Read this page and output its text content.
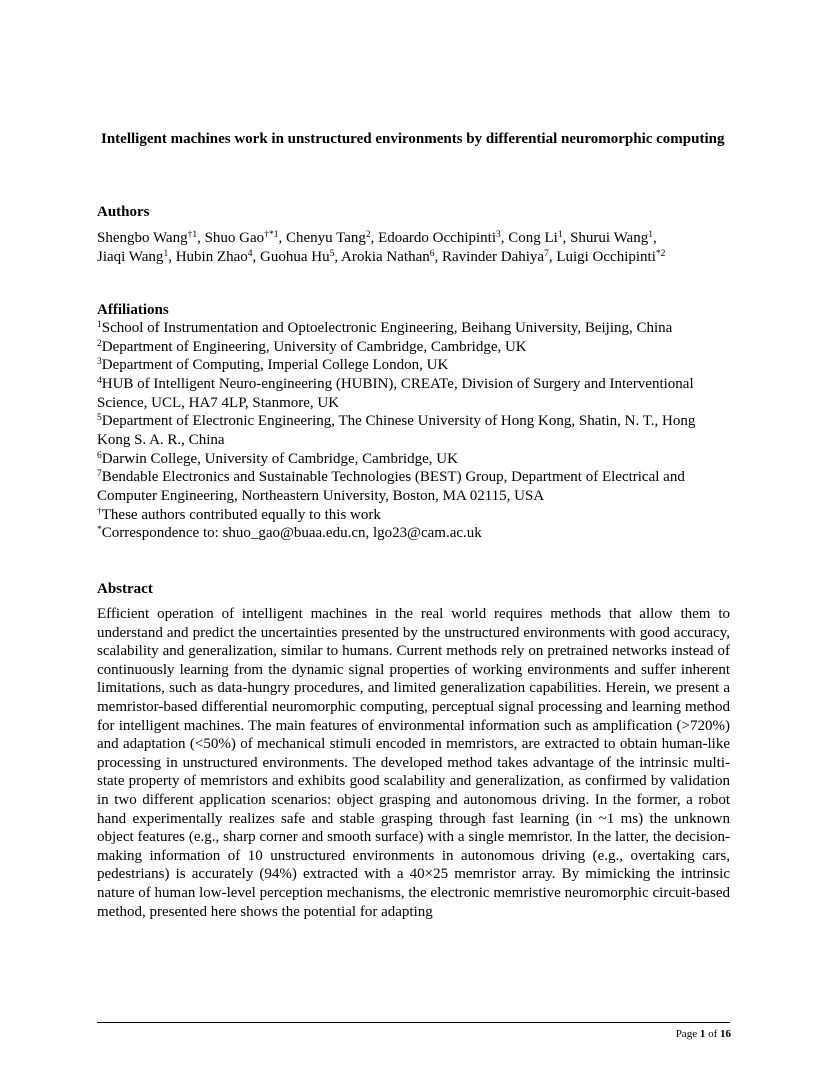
Intelligent machines work in unstructured environments by differential neuromorphic computing
Authors
Shengbo Wang$^{\dagger 1}$, Shuo Gao$^{\dagger*1}$, Chenyu Tang$^2$, Edoardo Occhipinti$^3$, Cong Li$^1$, Shurui Wang$^1$,
Jiaqi Wang$^1$, Hubin Zhao$^4$, Guohua Hu$^5$, Arokia Nathan$^6$, Ravinder Dahiya$^7$, Luigi Occhipinti$^{*2}$
Affiliations
$^1$School of Instrumentation and Optoelectronic Engineering, Beihang University, Beijing, China
$^2$Department of Engineering, University of Cambridge, Cambridge, UK
$^3$Department of Computing, Imperial College London, UK
$^4$HUB of Intelligent Neuro-engineering (HUBIN), CREATe, Division of Surgery and Interventional Science, UCL, HA7 4LP, Stanmore, UK
$^5$Department of Electronic Engineering, The Chinese University of Hong Kong, Shatin, N. T., Hong Kong S. A. R., China
$^6$Darwin College, University of Cambridge, Cambridge, UK
$^7$Bendable Electronics and Sustainable Technologies (BEST) Group, Department of Electrical and Computer Engineering, Northeastern University, Boston, MA 02115, USA
†These authors contributed equally to this work
*Correspondence to: shuo_gao@buaa.edu.cn, lgo23@cam.ac.uk
Abstract
Efficient operation of intelligent machines in the real world requires methods that allow them to understand and predict the uncertainties presented by the unstructured environments with good accuracy, scalability and generalization, similar to humans. Current methods rely on pretrained networks instead of continuously learning from the dynamic signal properties of working environments and suffer inherent limitations, such as data-hungry procedures, and limited generalization capabilities. Herein, we present a memristor-based differential neuromorphic computing, perceptual signal processing and learning method for intelligent machines. The main features of environmental information such as amplification (>720%) and adaptation (<50%) of mechanical stimuli encoded in memristors, are extracted to obtain human-like processing in unstructured environments. The developed method takes advantage of the intrinsic multi-state property of memristors and exhibits good scalability and generalization, as confirmed by validation in two different application scenarios: object grasping and autonomous driving. In the former, a robot hand experimentally realizes safe and stable grasping through fast learning (in ~1 ms) the unknown object features (e.g., sharp corner and smooth surface) with a single memristor. In the latter, the decision-making information of 10 unstructured environments in autonomous driving (e.g., overtaking cars, pedestrians) is accurately (94%) extracted with a 40×25 memristor array. By mimicking the intrinsic nature of human low-level perception mechanisms, the electronic memristive neuromorphic circuit-based method, presented here shows the potential for adapting
Page 1 of 16
